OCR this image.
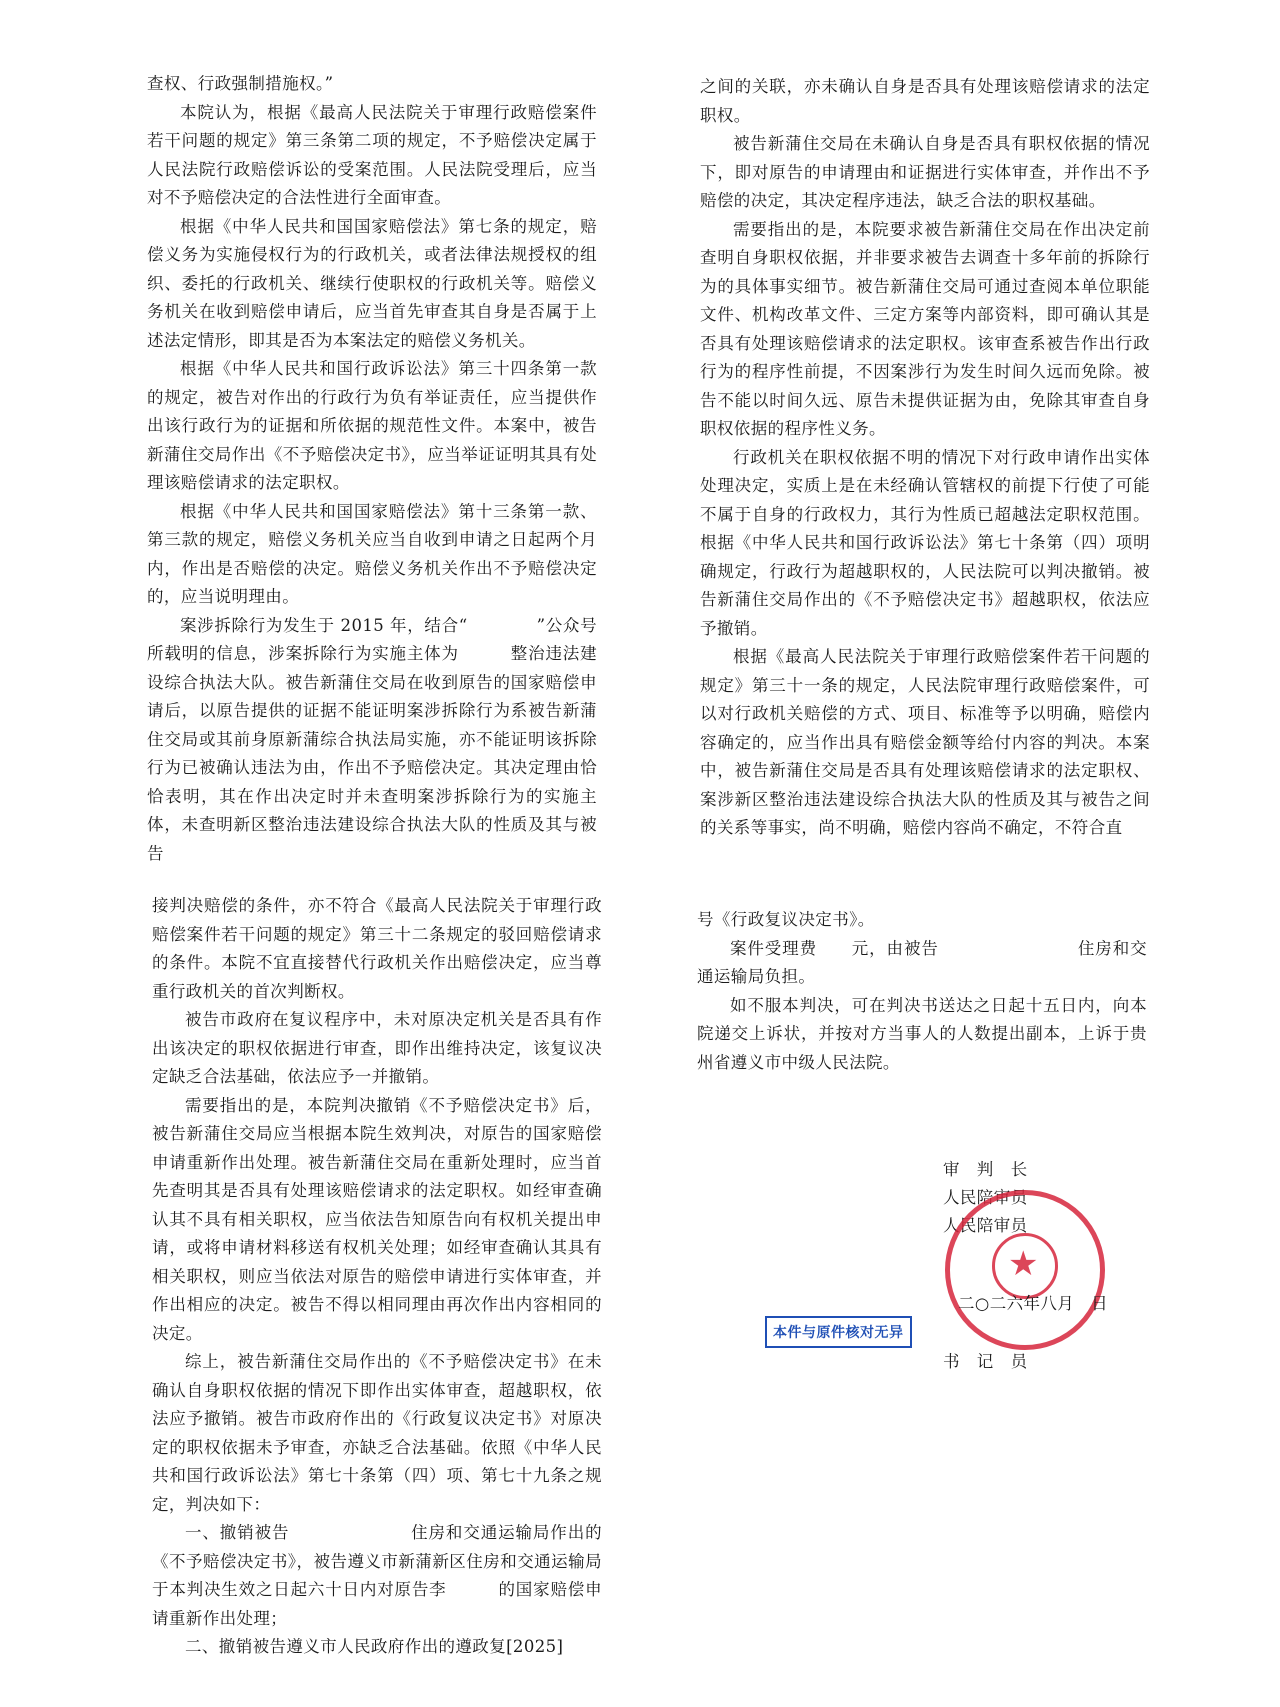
查权、行政强制措施权。”

本院认为，根据《最高人民法院关于审理行政赔偿案件若干问题的规定》第三条第二项的规定，不予赔偿决定属于人民法院行政赔偿诉讼的受案范围。人民法院受理后，应当对不予赔偿决定的合法性进行全面审查。

根据《中华人民共和国国家赔偿法》第七条的规定，赔偿义务为实施侵权行为的行政机关，或者法律法规授权的组织、委托的行政机关、继续行使职权的行政机关等。赔偿义务机关在收到赔偿申请后，应当首先审查其自身是否属于上述法定情形，即其是否为本案法定的赔偿义务机关。

根据《中华人民共和国行政诉讼法》第三十四条第一款的规定，被告对作出的行政行为负有举证责任，应当提供作出该行政行为的证据和所依据的规范性文件。本案中，被告新蒲住交局作出《不予赔偿决定书》，应当举证证明其具有处理该赔偿请求的法定职权。

根据《中华人民共和国国家赔偿法》第十三条第一款、第三款的规定，赔偿义务机关应当自收到申请之日起两个月内，作出是否赔偿的决定。赔偿义务机关作出不予赔偿决定的，应当说明理由。

案涉拆除行为发生于 2015 年，结合“　　　　”公众号所载明的信息，涉案拆除行为实施主体为　　　整治违法建设综合执法大队。被告新蒲住交局在收到原告的国家赔偿申请后，以原告提供的证据不能证明案涉拆除行为系被告新蒲住交局或其前身原新蒲综合执法局实施，亦不能证明该拆除行为已被确认违法为由，作出不予赔偿决定。其决定理由恰恰表明，其在作出决定时并未查明案涉拆除行为的实施主体，未查明新区整治违法建设综合执法大队的性质及其与被告

之间的关联，亦未确认自身是否具有处理该赔偿请求的法定职权。

被告新蒲住交局在未确认自身是否具有职权依据的情况下，即对原告的申请理由和证据进行实体审查，并作出不予赔偿的决定，其决定程序违法，缺乏合法的职权基础。

需要指出的是，本院要求被告新蒲住交局在作出决定前查明自身职权依据，并非要求被告去调查十多年前的拆除行为的具体事实细节。被告新蒲住交局可通过查阅本单位职能文件、机构改革文件、三定方案等内部资料，即可确认其是否具有处理该赔偿请求的法定职权。该审查系被告作出行政行为的程序性前提，不因案涉行为发生时间久远而免除。被告不能以时间久远、原告未提供证据为由，免除其审查自身职权依据的程序性义务。

行政机关在职权依据不明的情况下对行政申请作出实体处理决定，实质上是在未经确认管辖权的前提下行使了可能不属于自身的行政权力，其行为性质已超越法定职权范围。根据《中华人民共和国行政诉讼法》第七十条第（四）项明确规定，行政行为超越职权的，人民法院可以判决撤销。被告新蒲住交局作出的《不予赔偿决定书》超越职权，依法应予撤销。

根据《最高人民法院关于审理行政赔偿案件若干问题的规定》第三十一条的规定，人民法院审理行政赔偿案件，可以对行政机关赔偿的方式、项目、标准等予以明确，赔偿内容确定的，应当作出具有赔偿金额等给付内容的判决。本案中，被告新蒲住交局是否具有处理该赔偿请求的法定职权、案涉新区整治违法建设综合执法大队的性质及其与被告之间的关系等事实，尚不明确，赔偿内容尚不确定，不符合直

接判决赔偿的条件，亦不符合《最高人民法院关于审理行政赔偿案件若干问题的规定》第三十二条规定的驳回赔偿请求的条件。本院不宜直接替代行政机关作出赔偿决定，应当尊重行政机关的首次判断权。

被告市政府在复议程序中，未对原决定机关是否具有作出该决定的职权依据进行审查，即作出维持决定，该复议决定缺乏合法基础，依法应予一并撤销。

需要指出的是，本院判决撤销《不予赔偿决定书》后，被告新蒲住交局应当根据本院生效判决，对原告的国家赔偿申请重新作出处理。被告新蒲住交局在重新处理时，应当首先查明其是否具有处理该赔偿请求的法定职权。如经审查确认其不具有相关职权，应当依法告知原告向有权机关提出申请，或将申请材料移送有权机关处理；如经审查确认其具有相关职权，则应当依法对原告的赔偿申请进行实体审查，并作出相应的决定。被告不得以相同理由再次作出内容相同的决定。

综上，被告新蒲住交局作出的《不予赔偿决定书》在未确认自身职权依据的情况下即作出实体审查，超越职权，依法应予撤销。被告市政府作出的《行政复议决定书》对原决定的职权依据未予审查，亦缺乏合法基础。依照《中华人民共和国行政诉讼法》第七十条第（四）项、第七十九条之规定，判决如下：

一、撤销被告　　　　　　　住房和交通运输局作出的《不予赔偿决定书》，被告遵义市新蒲新区住房和交通运输局于本判决生效之日起六十日内对原告李　　　的国家赔偿申请重新作出处理；

二、撤销被告遵义市人民政府作出的遵政复[2025]

号《行政复议决定书》。

案件受理费　　元，由被告　　　　　　　　住房和交通运输局负担。

如不服本判决，可在判决书送达之日起十五日内，向本院递交上诉状，并按对方当事人的人数提出副本，上诉于贵州省遵义市中级人民法院。

审　判　长
人民陪审员
人民陪审员
★
二○二六年八月　日
本件与原件核对无异
书　记　员
